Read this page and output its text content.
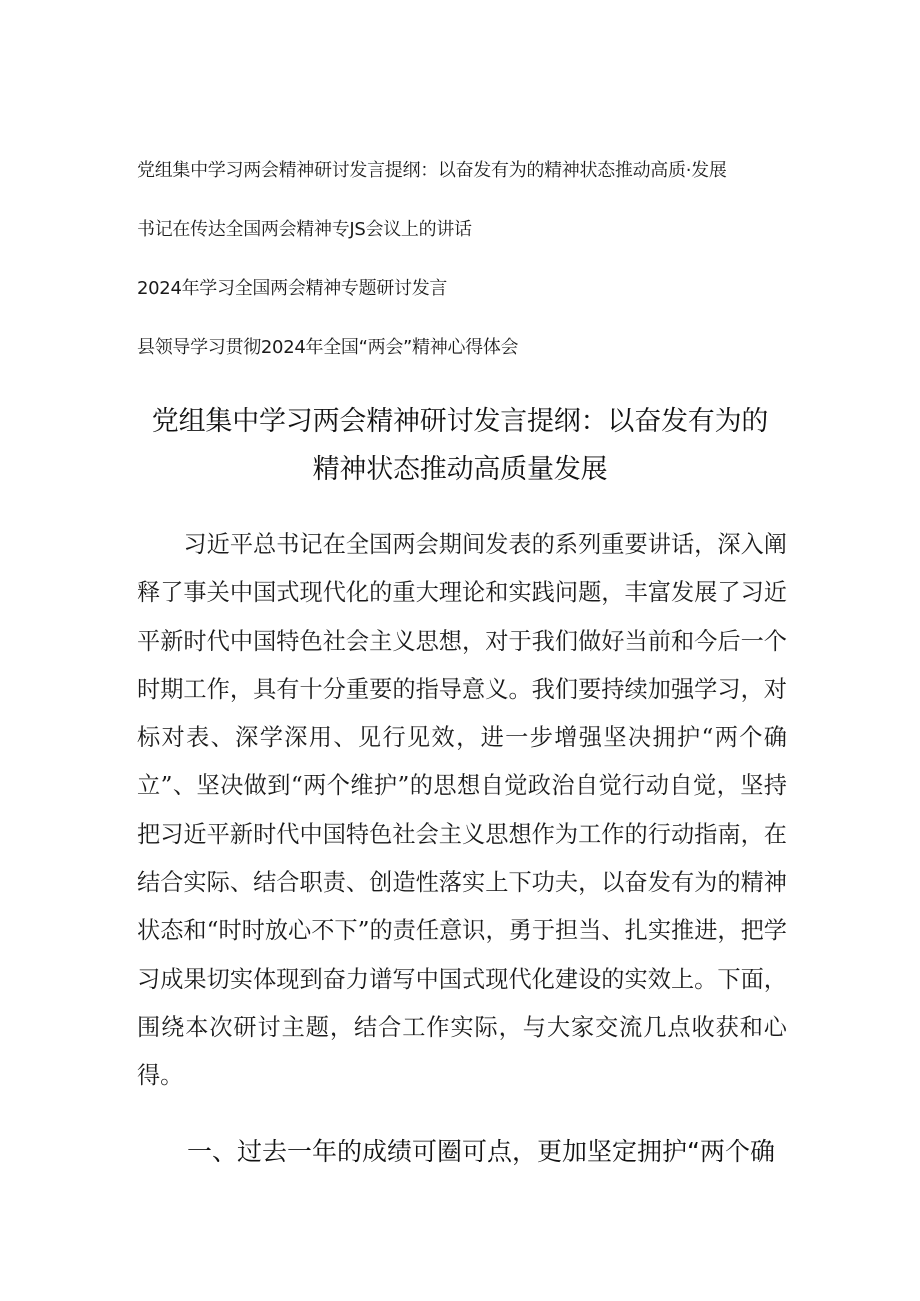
党组集中学习两会精神研讨发言提纲：以奋发有为的精神状态推动高质·发展
书记在传达全国两会精神专JS会议上的讲话
2024年学习全国两会精神专题研讨发言
县领导学习贯彻2024年全国“两会”精神心得体会
党组集中学习两会精神研讨发言提纲：以奋发有为的
精神状态推动高质量发展

习近平总书记在全国两会期间发表的系列重要讲话，深入阐释了事关中国式现代化的重大理论和实践问题，丰富发展了习近平新时代中国特色社会主义思想，对于我们做好当前和今后一个时期工作，具有十分重要的指导意义。我们要持续加强学习，对标对表、深学深用、见行见效，进一步增强坚决拥护“两个确立”、坚决做到“两个维护”的思想自觉政治自觉行动自觉，坚持把习近平新时代中国特色社会主义思想作为工作的行动指南，在结合实际、结合职责、创造性落实上下功夫，以奋发有为的精神状态和“时时放心不下”的责任意识，勇于担当、扎实推进，把学习成果切实体现到奋力谱写中国式现代化建设的实效上。下面，围绕本次研讨主题，结合工作实际，与大家交流几点收获和心得。

一、过去一年的成绩可圈可点，更加坚定拥护“两个确
